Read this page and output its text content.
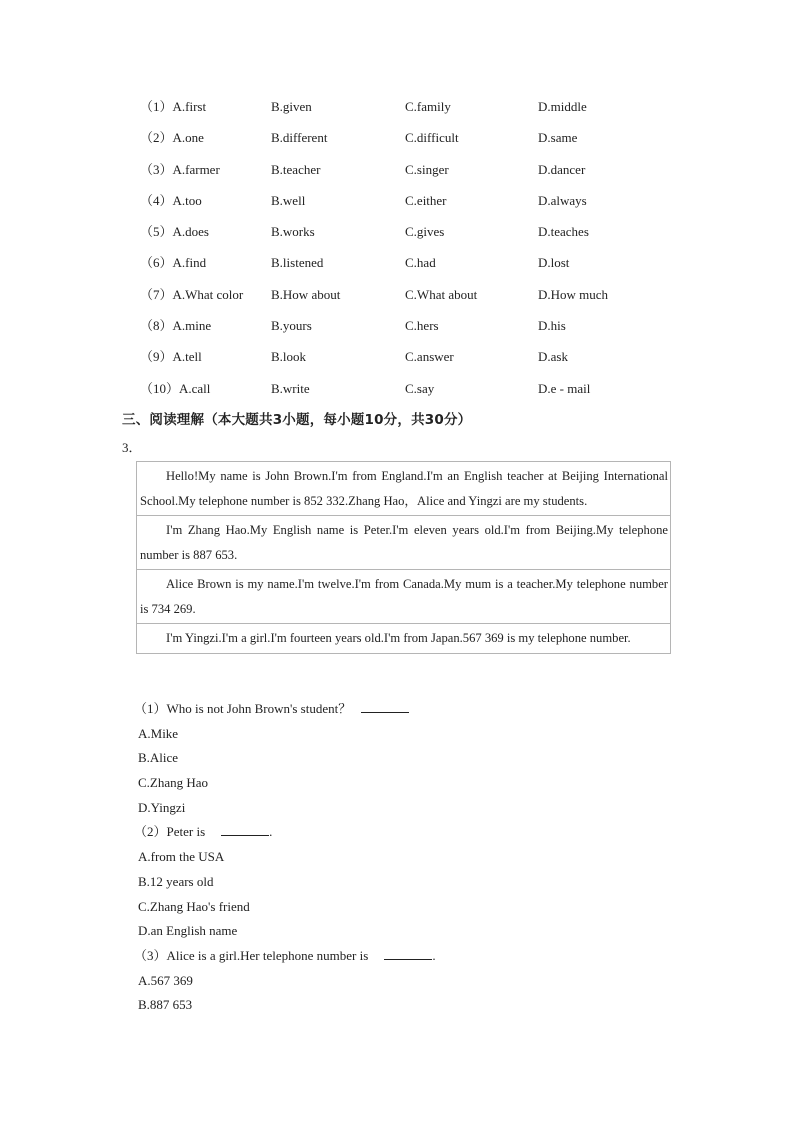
（1）A.first	B.given	C.family	D.middle
（2）A.one	B.different	C.difficult	D.same
（3）A.farmer	B.teacher	C.singer	D.dancer
（4）A.too	B.well	C.either	D.always
（5）A.does	B.works	C.gives	D.teaches
（6）A.find	B.listened	C.had	D.lost
（7）A.What color B.How about	C.What about	D.How much
（8）A.mine	B.yours	C.hers	D.his
（9）A.tell	B.look	C.answer	D.ask
（10）A.call	B.write	C.say	D.e - mail
三、阅读理解（本大题共3小题，每小题10分，共30分）
3．
Hello!My name is John Brown.I'm from England.I'm an English teacher at Beijing International School.My telephone number is 852 332.Zhang Hao，Alice and Yingzi are my students.
I'm Zhang Hao.My English name is Peter.I'm eleven years old.I'm from Beijing.My telephone number is 887 653.
Alice Brown is my name.I'm twelve.I'm from Canada.My mum is a teacher.My telephone number is 734 269.
I'm Yingzi.I'm a girl.I'm fourteen years old.I'm from Japan.567 369 is my telephone number.
（1）Who is not John Brown's student？
A.Mike
B.Alice
C.Zhang Hao
D.Yingzi
（2）Peter is	.
A.from the USA
B.12 years old
C.Zhang Hao's friend
D.an English name
（3）Alice is a girl.Her telephone number is	.
A.567 369
B.887 653
